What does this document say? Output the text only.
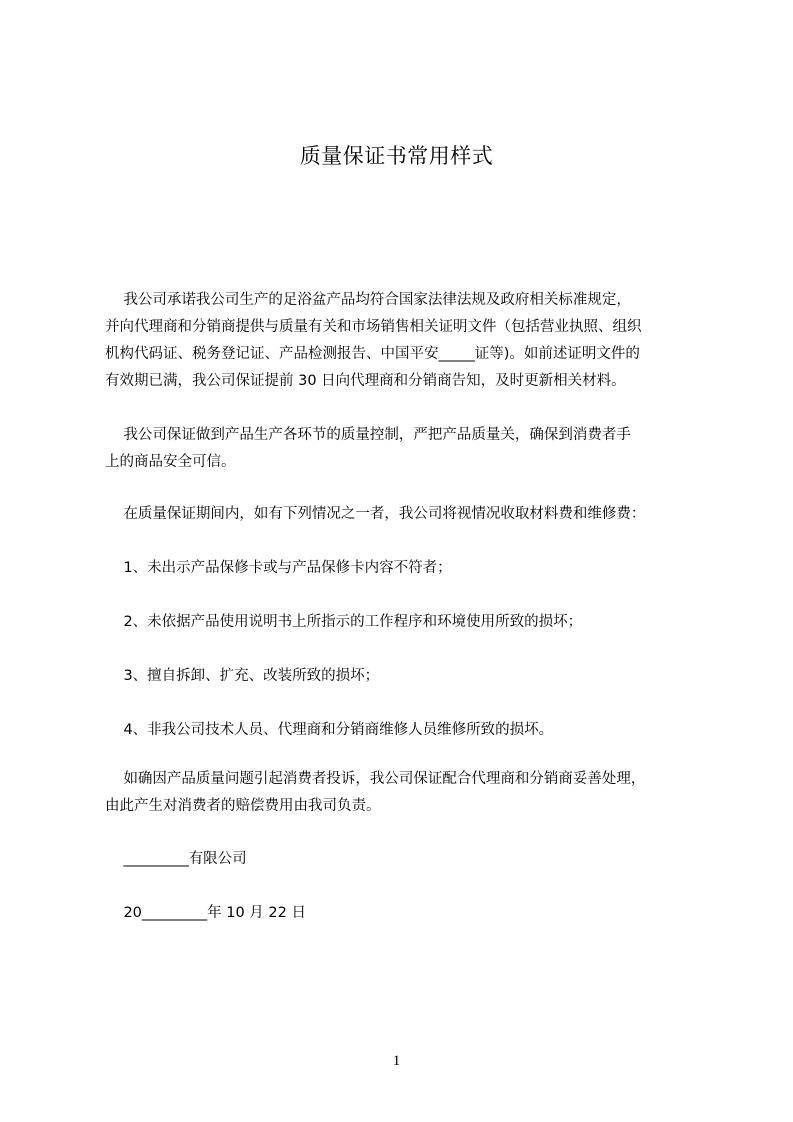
质量保证书常用样式
我公司承诺我公司生产的足浴盆产品均符合国家法律法规及政府相关标准规定，
并向代理商和分销商提供与质量有关和市场销售相关证明文件（包括营业执照、组织
机构代码证、税务登记证、产品检测报告、中国平安_____证等)。如前述证明文件的
有效期已满，我公司保证提前 30 日向代理商和分销商告知，及时更新相关材料。
我公司保证做到产品生产各环节的质量控制，严把产品质量关，确保到消费者手
上的商品安全可信。
在质量保证期间内，如有下列情况之一者，我公司将视情况收取材料费和维修费：
1、未出示产品保修卡或与产品保修卡内容不符者；
2、未依据产品使用说明书上所指示的工作程序和环境使用所致的损坏；
3、擅自拆卸、扩充、改装所致的损坏；
4、非我公司技术人员、代理商和分销商维修人员维修所致的损坏。
如确因产品质量问题引起消费者投诉，我公司保证配合代理商和分销商妥善处理，
由此产生对消费者的赔偿费用由我司负责。
_________有限公司
20_________年 10 月 22 日
1
